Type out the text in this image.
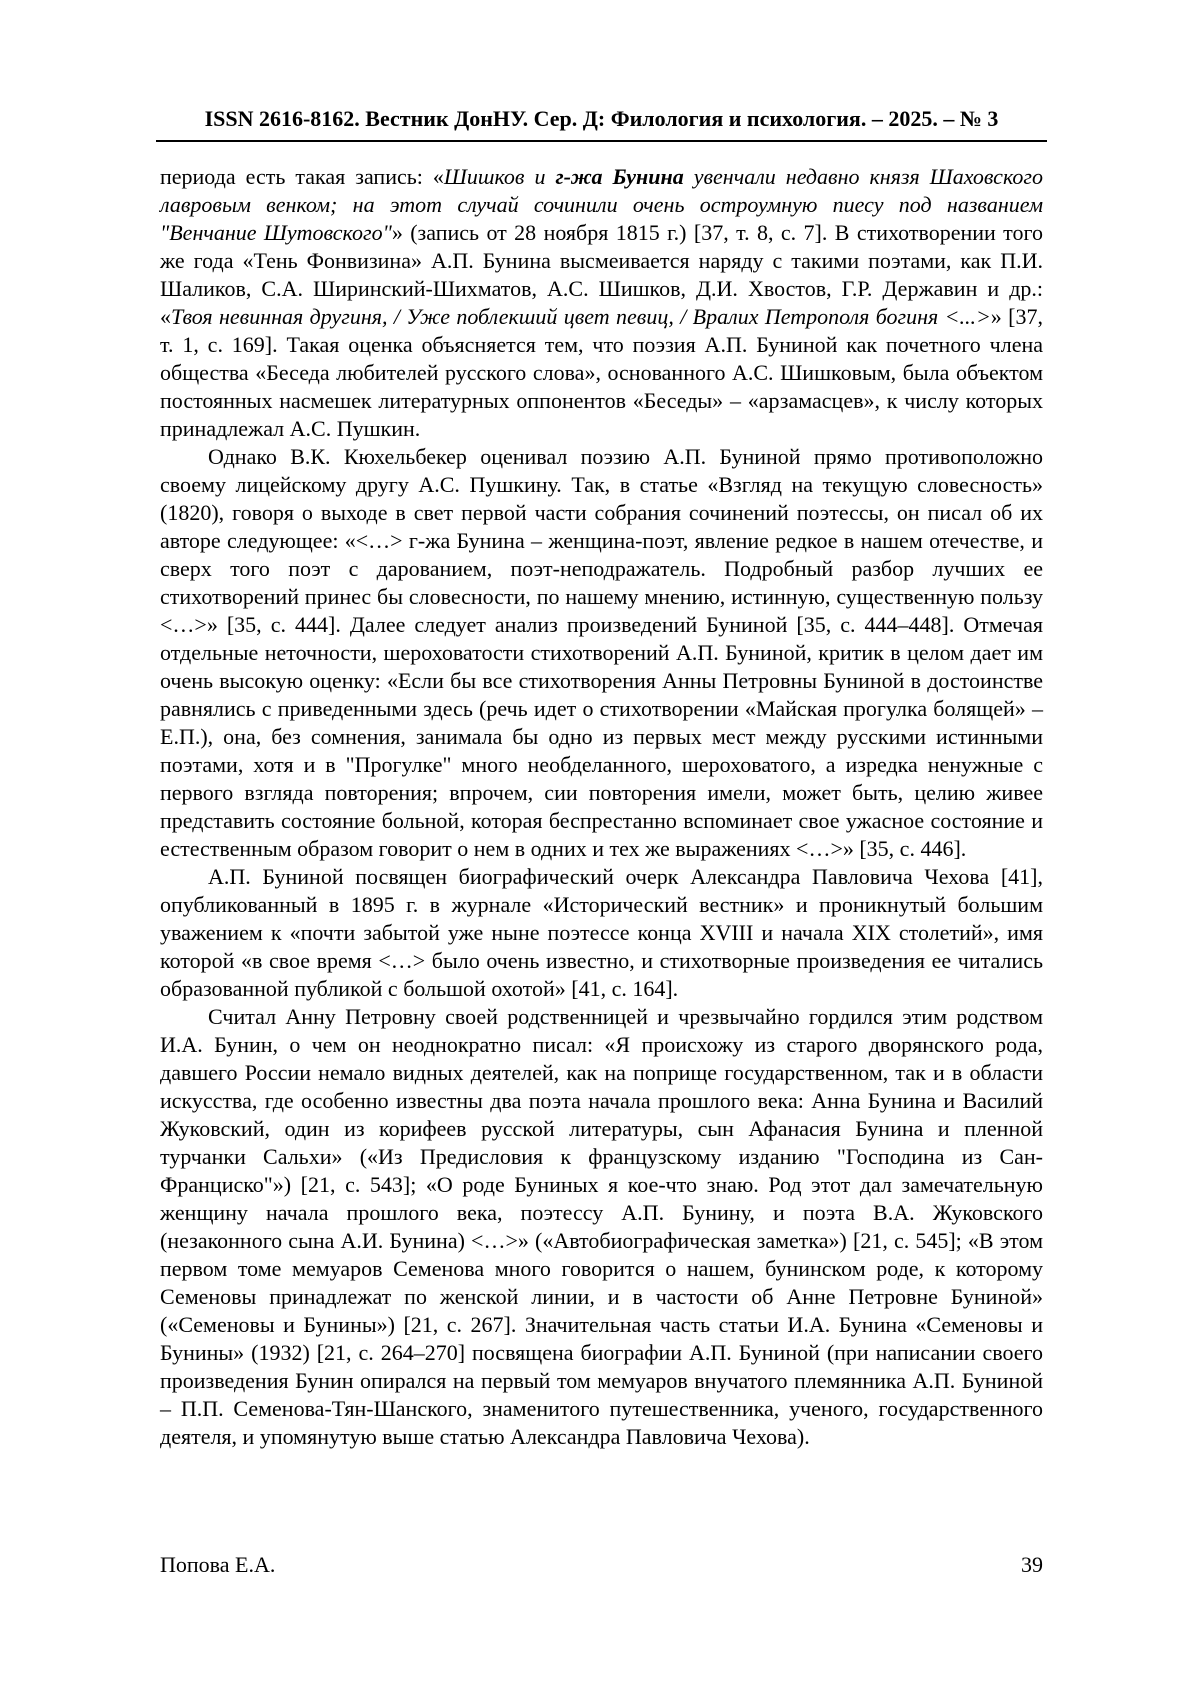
ISSN 2616-8162. Вестник ДонНУ. Сер. Д: Филология и психология. – 2025. – № 3

периода есть такая запись: «Шишков и г-жа Бунина увенчали недавно князя Шаховского лавровым венком; на этот случай сочинили очень остроумную пиесу под названием "Венчание Шутовского"» (запись от 28 ноября 1815 г.) [37, т. 8, с. 7]. В стихотворении того же года «Тень Фонвизина» А.П. Бунина высмеивается наряду с такими поэтами, как П.И. Шаликов, С.А. Ширинский-Шихматов, А.С. Шишков, Д.И. Хвостов, Г.Р. Державин и др.: «Твоя невинная другиня, / Уже поблекший цвет певиц, / Вралих Петрополя богиня <...>» [37, т. 1, с. 169]. Такая оценка объясняется тем, что поэзия А.П. Буниной как почетного члена общества «Беседа любителей русского слова», основанного А.С. Шишковым, была объектом постоянных насмешек литературных оппонентов «Беседы» – «арзамасцев», к числу которых принадлежал А.С. Пушкин.

Однако В.К. Кюхельбекер оценивал поэзию А.П. Буниной прямо противоположно своему лицейскому другу А.С. Пушкину. Так, в статье «Взгляд на текущую словесность» (1820), говоря о выходе в свет первой части собрания сочинений поэтессы, он писал об их авторе следующее: «<…> г-жа Бунина – женщина-поэт, явление редкое в нашем отечестве, и сверх того поэт с дарованием, поэт-неподражатель. Подробный разбор лучших ее стихотворений принес бы словесности, по нашему мнению, истинную, существенную пользу <…>» [35, с. 444]. Далее следует анализ произведений Буниной [35, с. 444–448]. Отмечая отдельные неточности, шероховатости стихотворений А.П. Буниной, критик в целом дает им очень высокую оценку: «Если бы все стихотворения Анны Петровны Буниной в достоинстве равнялись с приведенными здесь (речь идет о стихотворении «Майская прогулка болящей» – Е.П.), она, без сомнения, занимала бы одно из первых мест между русскими истинными поэтами, хотя и в "Прогулке" много необделанного, шероховатого, а изредка ненужные с первого взгляда повторения; впрочем, сии повторения имели, может быть, целию живее представить состояние больной, которая беспрестанно вспоминает свое ужасное состояние и естественным образом говорит о нем в одних и тех же выражениях <…>» [35, с. 446].

А.П. Буниной посвящен биографический очерк Александра Павловича Чехова [41], опубликованный в 1895 г. в журнале «Исторический вестник» и проникнутый большим уважением к «почти забытой уже ныне поэтессе конца XVIII и начала XIX столетий», имя которой «в свое время <…> было очень известно, и стихотворные произведения ее читались образованной публикой с большой охотой» [41, с. 164].

Считал Анну Петровну своей родственницей и чрезвычайно гордился этим родством И.А. Бунин, о чем он неоднократно писал: «Я происхожу из старого дворянского рода, давшего России немало видных деятелей, как на поприще государственном, так и в области искусства, где особенно известны два поэта начала прошлого века: Анна Бунина и Василий Жуковский, один из корифеев русской литературы, сын Афанасия Бунина и пленной турчанки Сальхи» («Из Предисловия к французскому изданию "Господина из Сан-Франциско"») [21, с. 543]; «О роде Буниных я кое-что знаю. Род этот дал замечательную женщину начала прошлого века, поэтессу А.П. Бунину, и поэта В.А. Жуковского (незаконного сына А.И. Бунина) <…>» («Автобиографическая заметка») [21, с. 545]; «В этом первом томе мемуаров Семенова много говорится о нашем, бунинском роде, к которому Семеновы принадлежат по женской линии, и в частости об Анне Петровне Буниной» («Семеновы и Бунины») [21, с. 267]. Значительная часть статьи И.А. Бунина «Семеновы и Бунины» (1932) [21, с. 264–270] посвящена биографии А.П. Буниной (при написании своего произведения Бунин опирался на первый том мемуаров внучатого племянника А.П. Буниной – П.П. Семенова-Тян-Шанского, знаменитого путешественника, ученого, государственного деятеля, и упомянутую выше статью Александра Павловича Чехова).

Попова Е.А.	39
